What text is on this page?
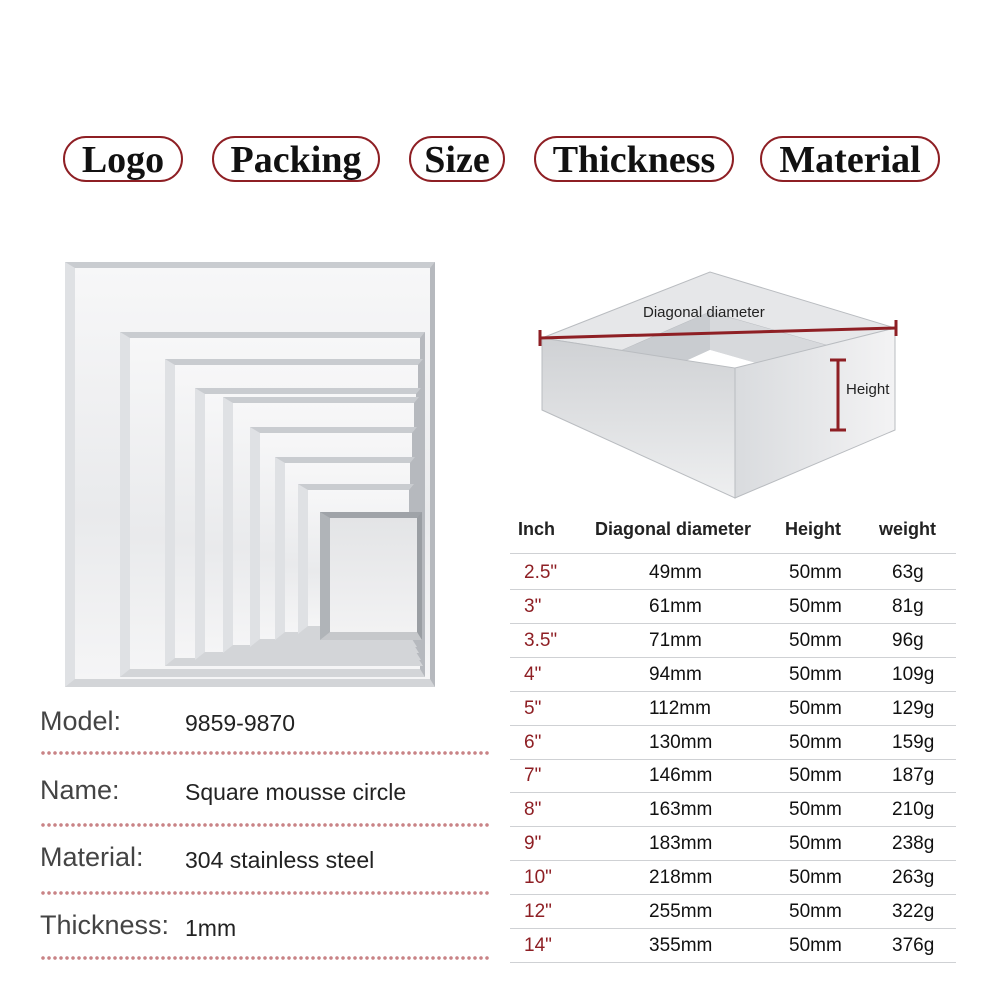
Logo	Packing	Size	Thickness	Material
Diagonal diameter
Height
Inch Diagonal diameter Height weight
2.5"	49mm	50mm	63g
3"	61mm	50mm	81g
3.5"	71mm	50mm	96g
4"	94mm	50mm	109g
5"	112mm	50mm	129g
6"	130mm	50mm	159g
7"	146mm	50mm	187g
8"	163mm	50mm	210g
9"	183mm	50mm	238g
10"	218mm	50mm	263g
12"	255mm	50mm	322g
14"	355mm	50mm	376g
Model:	9859-9870
Name:	Square mousse circle
Material: 304 stainless steel
Thickness: 1mm
